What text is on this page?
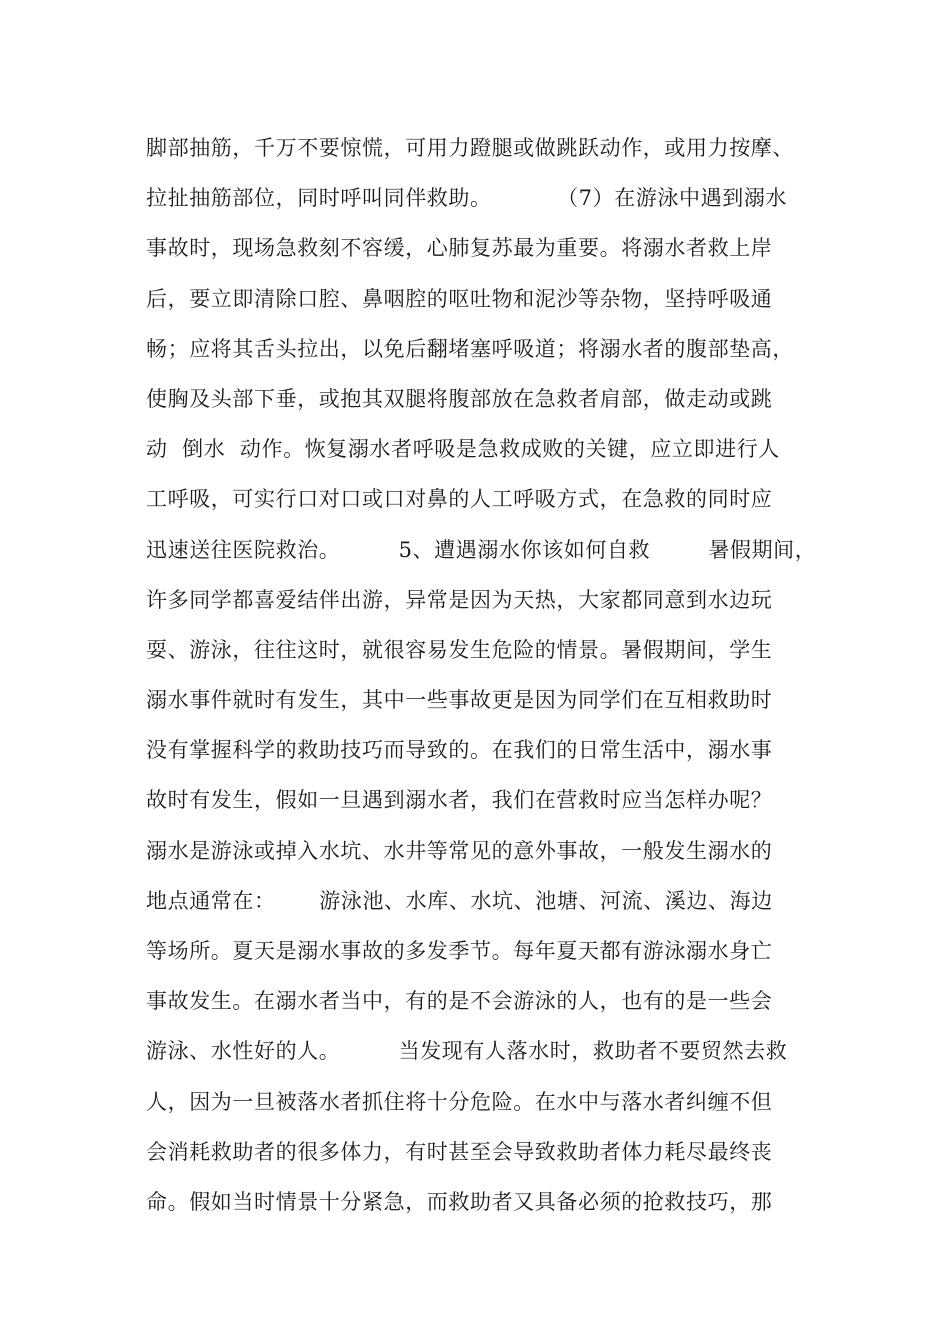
脚部抽筋，千万不要惊慌，可用力蹬腿或做跳跃动作，或用力按摩、
拉扯抽筋部位，同时呼叫同伴救助。         （7）在游泳中遇到溺水
事故时，现场急救刻不容缓，心肺复苏最为重要。将溺水者救上岸
后，要立即清除口腔、鼻咽腔的呕吐物和泥沙等杂物，坚持呼吸通
畅；应将其舌头拉出，以免后翻堵塞呼吸道；将溺水者的腹部垫高，
使胸及头部下垂，或抱其双腿将腹部放在急救者肩部，做走动或跳
动  倒水  动作。恢复溺水者呼吸是急救成败的关键，应立即进行人
工呼吸，可实行口对口或口对鼻的人工呼吸方式，在急救的同时应
迅速送往医院救治。        5、遭遇溺水你该如何自救        暑假期间，
许多同学都喜爱结伴出游，异常是因为天热，大家都同意到水边玩
耍、游泳，往往这时，就很容易发生危险的情景。暑假期间，学生
溺水事件就时有发生，其中一些事故更是因为同学们在互相救助时
没有掌握科学的救助技巧而导致的。在我们的日常生活中，溺水事
故时有发生，假如一旦遇到溺水者，我们在营救时应当怎样办呢？
溺水是游泳或掉入水坑、水井等常见的意外事故，一般发生溺水的
地点通常在：      游泳池、水库、水坑、池塘、河流、溪边、海边
等场所。夏天是溺水事故的多发季节。每年夏天都有游泳溺水身亡
事故发生。在溺水者当中，有的是不会游泳的人，也有的是一些会
游泳、水性好的人。        当发现有人落水时，救助者不要贸然去救
人，因为一旦被落水者抓住将十分危险。在水中与落水者纠缠不但
会消耗救助者的很多体力，有时甚至会导致救助者体力耗尽最终丧
命。假如当时情景十分紧急，而救助者又具备必须的抢救技巧，那
